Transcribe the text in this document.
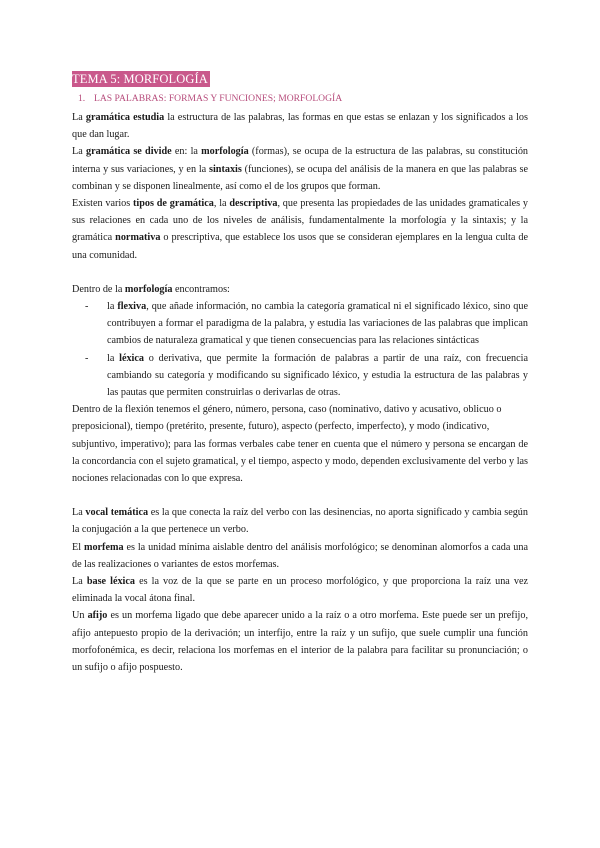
TEMA 5: MORFOLOGÍA
1. LAS PALABRAS: FORMAS Y FUNCIONES; MORFOLOGÍA

La gramática estudia la estructura de las palabras, las formas en que estas se enlazan y los significados a los que dan lugar.

La gramática se divide en: la morfología (formas), se ocupa de la estructura de las palabras, su constitución interna y sus variaciones, y en la sintaxis (funciones), se ocupa del análisis de la manera en que las palabras se combinan y se disponen linealmente, así como el de los grupos que forman.

Existen varios tipos de gramática, la descriptiva, que presenta las propiedades de las unidades gramaticales y sus relaciones en cada uno de los niveles de análisis, fundamentalmente la morfología y la sintaxis; y la gramática normativa o prescriptiva, que establece los usos que se consideran ejemplares en la lengua culta de una comunidad.

Dentro de la morfología encontramos:

- la flexiva, que añade información, no cambia la categoría gramatical ni el significado léxico, sino que contribuyen a formar el paradigma de la palabra, y estudia las variaciones de las palabras que implican cambios de naturaleza gramatical y que tienen consecuencias para las relaciones sintácticas
- la léxica o derivativa, que permite la formación de palabras a partir de una raíz, con frecuencia cambiando su categoría y modificando su significado léxico, y estudia la estructura de las palabras y las pautas que permiten construirlas o derivarlas de otras.

Dentro de la flexión tenemos el género, número, persona, caso (nominativo, dativo y acusativo, oblicuo o

preposicional), tiempo (pretérito, presente, futuro), aspecto (perfecto, imperfecto), y modo (indicativo,

subjuntivo, imperativo); para las formas verbales cabe tener en cuenta que el número y persona se encargan de la concordancia con el sujeto gramatical, y el tiempo, aspecto y modo, dependen exclusivamente del verbo y las nociones relacionadas con lo que expresa.

La vocal temática es la que conecta la raíz del verbo con las desinencias, no aporta significado y cambia según la conjugación a la que pertenece un verbo.

El morfema es la unidad mínima aislable dentro del análisis morfológico; se denominan alomorfos a cada una de las realizaciones o variantes de estos morfemas.

La base léxica es la voz de la que se parte en un proceso morfológico, y que proporciona la raíz una vez eliminada la vocal átona final.

Un afijo es un morfema ligado que debe aparecer unido a la raíz o a otro morfema. Este puede ser un prefijo, afijo antepuesto propio de la derivación; un interfijo, entre la raíz y un sufijo, que suele cumplir una función morfofonémica, es decir, relaciona los morfemas en el interior de la palabra para facilitar su pronunciación; o un sufijo o afijo pospuesto.
